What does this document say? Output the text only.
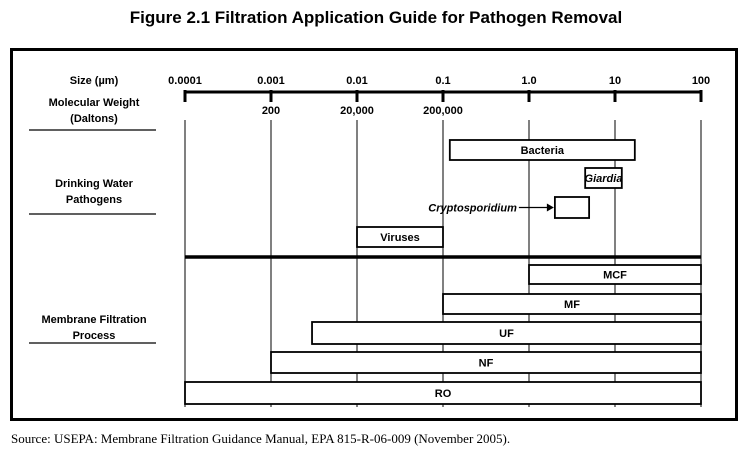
Figure 2.1 Filtration Application Guide for Pathogen Removal
0.0001	0.001	0.01	0.1	1.0	10	100
Size (µm)
200	20,000	200,000
Molecular Weight
(Daltons)
Drinking Water
Pathogens
Membrane Filtration
Process
Bacteria
Giardia
Cryptosporidium
Viruses
MCF
MF
UF
NF
RO
Source: USEPA: Membrane Filtration Guidance Manual, EPA 815-R-06-009 (November 2005).
